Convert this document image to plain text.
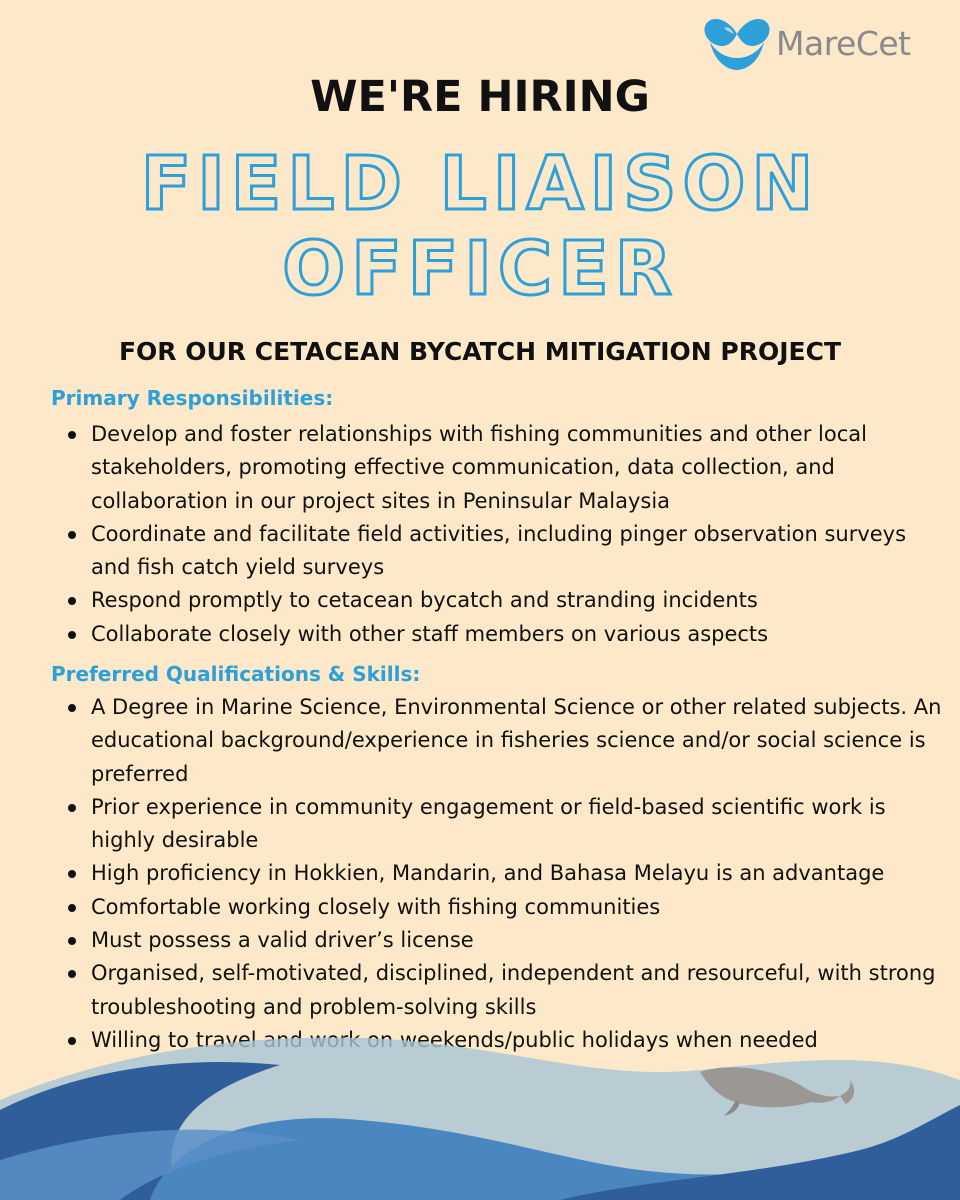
MareCet
WE'RE HIRING
FIELD LIAISON
OFFICER
FOR OUR CETACEAN BYCATCH MITIGATION PROJECT
Primary Responsibilities:
Develop and foster relationships with fishing communities and other local stakeholders, promoting effective communication, data collection, and collaboration in our project sites in Peninsular Malaysia
Coordinate and facilitate field activities, including pinger observation surveys and fish catch yield surveys
Respond promptly to cetacean bycatch and stranding incidents
Collaborate closely with other staff members on various aspects
Preferred Qualifications & Skills:
A Degree in Marine Science, Environmental Science or other related subjects. An educational background/experience in fisheries science and/or social science is preferred
Prior experience in community engagement or field-based scientific work is highly desirable
High proficiency in Hokkien, Mandarin, and Bahasa Melayu is an advantage
Comfortable working closely with fishing communities
Must possess a valid driver’s license
Organised, self-motivated, disciplined, independent and resourceful, with strong troubleshooting and problem-solving skills
Willing to travel and work on weekends/public holidays when needed
